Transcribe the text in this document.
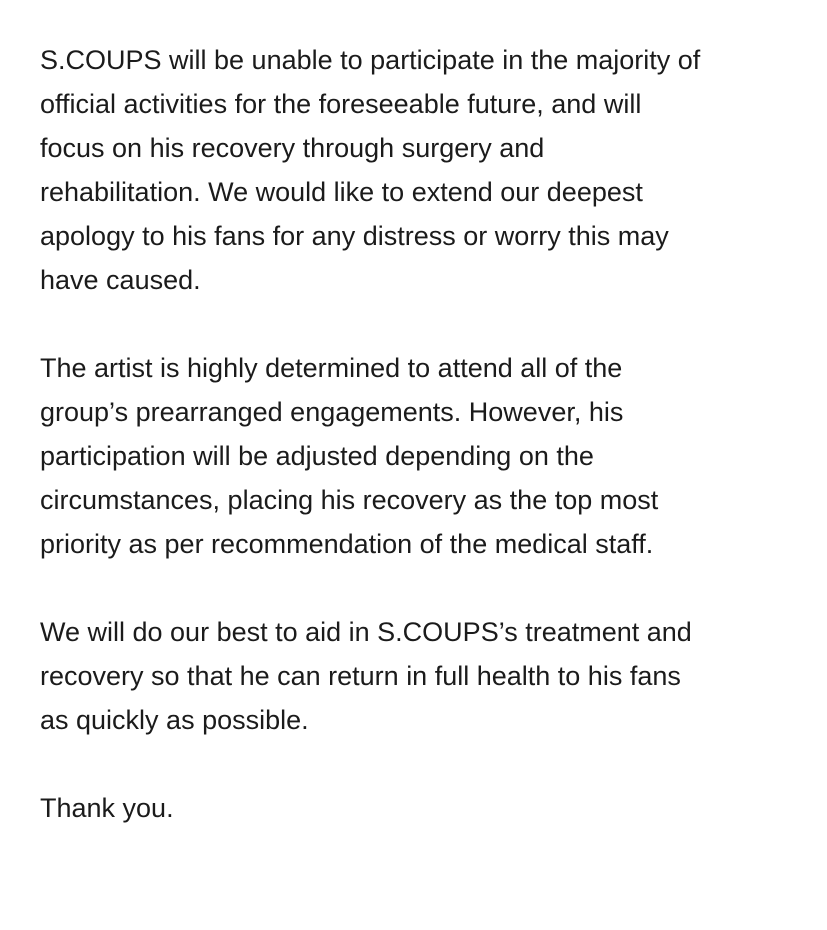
S.COUPS will be unable to participate in the majority of
official activities for the foreseeable future, and will
focus on his recovery through surgery and
rehabilitation. We would like to extend our deepest
apology to his fans for any distress or worry this may
have caused.

The artist is highly determined to attend all of the
group’s prearranged engagements. However, his
participation will be adjusted depending on the
circumstances, placing his recovery as the top most
priority as per recommendation of the medical staff.

We will do our best to aid in S.COUPS’s treatment and
recovery so that he can return in full health to his fans
as quickly as possible.

Thank you.
